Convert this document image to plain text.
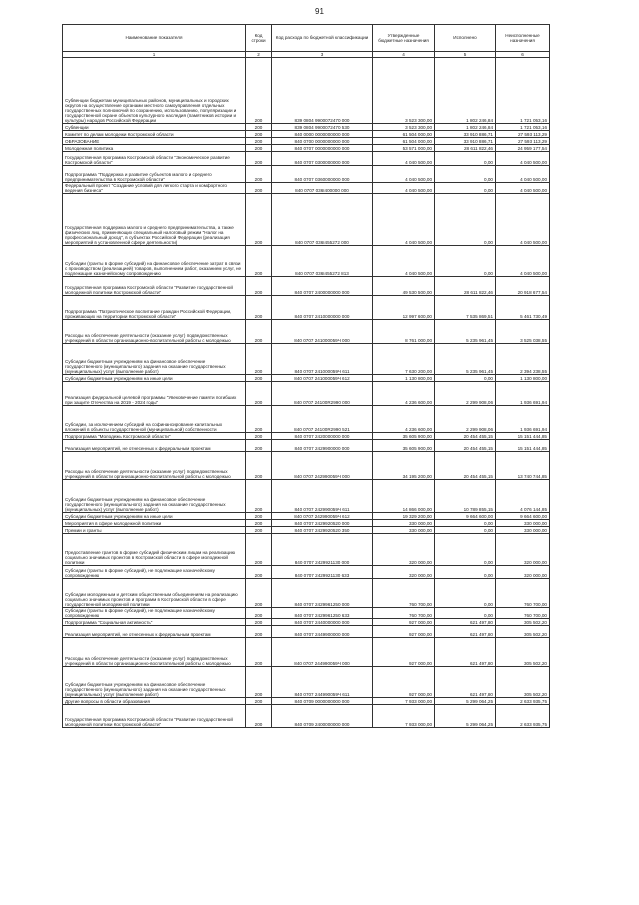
91
Наименование показателя	Код строки	Код расхода по бюджетной классификации	Утвержденные бюджетные назначения	Исполнено	Неисполненные назначения
1	2	3	4	5	6
Субвенции бюджетам муниципальных районов, муниципальных и городских округов на осуществление органами местного самоуправления отдельных государственных полномочий по сохранению, использованию, популяризации и государственной охране объектов культурного наследия (памятников истории и культуры) народов Российской Федерации	200	839 0804 9900072470 000	3 523 300,00	1 802 246,84	1 721 053,16
Субвенции	200	839 0804 9900072470 530	3 523 300,00	1 802 246,84	1 721 053,16
Комитет по делам молодежи Костромской области	200	840 0000 0000000000 000	61 504 000,00	33 910 886,71	27 593 113,29
ОБРАЗОВАНИЕ	200	840 0700 0000000000 000	61 504 000,00	33 910 886,71	27 593 113,29
Молодежная политика	200	840 0707 0000000000 000	53 571 000,00	28 611 822,46	24 959 177,54
Государственная программа Костромской области "Экономическое развитие Костромской области"	200	840 0707 0300000000 000	4 040 500,00	0,00	4 040 500,00
Подпрограмма "Поддержка и развитие субъектов малого и среднего предпринимательства в Костромской области"	200	840 0707 0360000000 000	4 040 500,00	0,00	4 040 500,00
Федеральный проект "Создание условий для легкого старта и комфортного ведения бизнеса"	200	840 0707 036I400000 000	4 040 500,00	0,00	4 040 500,00
Государственная поддержка малого и среднего предпринимательства, а также физических лиц, применяющих специальный налоговый режим "Налог на профессиональный доход", в субъектах Российской Федерации (реализация мероприятий в установленной сфере деятельности)	200	840 0707 036I455272 000	4 040 500,00	0,00	4 040 500,00
Субсидии (гранты в форме субсидий) на финансовое обеспечение затрат в связи с производством (реализацией) товаров, выполнением работ, оказанием услуг, не подлежащие казначейскому сопровождению	200	840 0707 036I455272 813	4 040 500,00	0,00	4 040 500,00
Государственная программа Костромской области "Развитие государственной молодежной политики Костромской области"	200	840 0707 2400000000 000	49 530 500,00	28 611 822,46	20 918 677,54
Подпрограмма "Патриотическое воспитание граждан Российской Федерации, проживающих на территории Костромской области"	200	840 0707 2410000000 000	12 997 600,00	7 535 869,51	5 461 730,49
Расходы на обеспечение деятельности (оказание услуг) подведомственных учреждений в области организационно-воспитательной работы с молодежью	200	840 0707 241000059Ч 000	8 761 000,00	5 235 961,45	3 525 038,55
Субсидии бюджетным учреждениям на финансовое обеспечение государственного (муниципального) задания на оказание государственных (муниципальных) услуг (выполнение работ)	200	840 0707 241000059Ч 611	7 630 200,00	5 235 961,45	2 394 238,55
Субсидии бюджетным учреждениям на иные цели	200	840 0707 241000059Ч 612	1 130 800,00	0,00	1 130 800,00
Реализация федеральной целевой программы "Увековечение памяти погибших при защите Отечества на 2019 - 2024 годы"	200	840 0707 24100R2990 000	4 236 600,00	2 299 908,06	1 936 691,94
Субсидии, за исключением субсидий на софинансирование капитальных вложений в объекты государственной (муниципальной) собственности	200	840 0707 24100R2990 521	4 236 600,00	2 299 908,06	1 936 691,94
Подпрограмма "Молодежь Костромской области"	200	840 0707 2420000000 000	35 605 900,00	20 454 455,15	15 151 444,85
Реализация мероприятий, не отнесенных к федеральным проектам	200	840 0707 2429900000 000	35 605 900,00	20 454 455,15	15 151 444,85
Расходы на обеспечение деятельности (оказание услуг) подведомственных учреждений в области организационно-воспитательной работы с молодежью	200	840 0707 242990059Ч 000	34 195 200,00	20 454 455,15	13 740 744,85
Субсидии бюджетным учреждениям на финансовое обеспечение государственного (муниципального) задания на оказание государственных (муниципальных) услуг (выполнение работ)	200	840 0707 242990059Ч 611	14 866 000,00	10 789 855,15	4 076 144,85
Субсидии бюджетным учреждениям на иные цели	200	840 0707 242990059Ч 612	19 329 200,00	9 664 600,00	9 664 600,00
Мероприятия в сфере молодежной политики	200	840 0707 2429920520 000	330 000,00	0,00	330 000,00
Премии и гранты	200	840 0707 2429920520 350	330 000,00	0,00	330 000,00
Предоставление грантов в форме субсидий физическим лицам на реализацию социально значимых проектов в Костромской области в сфере молодежной политики	200	840 0707 2429921130 000	320 000,00	0,00	320 000,00
Субсидии (гранты в форме субсидий), не подлежащие казначейскому сопровождению	200	840 0707 2429921130 633	320 000,00	0,00	320 000,00
Субсидии молодежным и детским общественным объединениям на реализацию социально значимых проектов и программ в Костромской области в сфере государственной молодежной политики	200	840 0707 2429961250 000	760 700,00	0,00	760 700,00
Субсидии (гранты в форме субсидий), не подлежащие казначейскому сопровождению	200	840 0707 2429961250 633	760 700,00	0,00	760 700,00
Подпрограмма "Социальная активность"	200	840 0707 2440000000 000	927 000,00	621 497,80	305 502,20
Реализация мероприятий, не отнесенных к федеральным проектам	200	840 0707 2449900000 000	927 000,00	621 497,80	305 502,20
Расходы на обеспечение деятельности (оказание услуг) подведомственных учреждений в области организационно-воспитательной работы с молодежью	200	840 0707 244990059Ч 000	927 000,00	621 497,80	305 502,20
Субсидии бюджетным учреждениям на финансовое обеспечение государственного (муниципального) задания на оказание государственных (муниципальных) услуг (выполнение работ)	200	840 0707 244990059Ч 611	927 000,00	621 497,80	305 502,20
Другие вопросы в области образования	200	840 0709 0000000000 000	7 933 000,00	5 299 064,25	2 633 935,75
Государственная программа Костромской области "Развитие государственной молодежной политики Костромской области"	200	840 0709 2400000000 000	7 933 000,00	5 299 064,25	2 633 935,75
